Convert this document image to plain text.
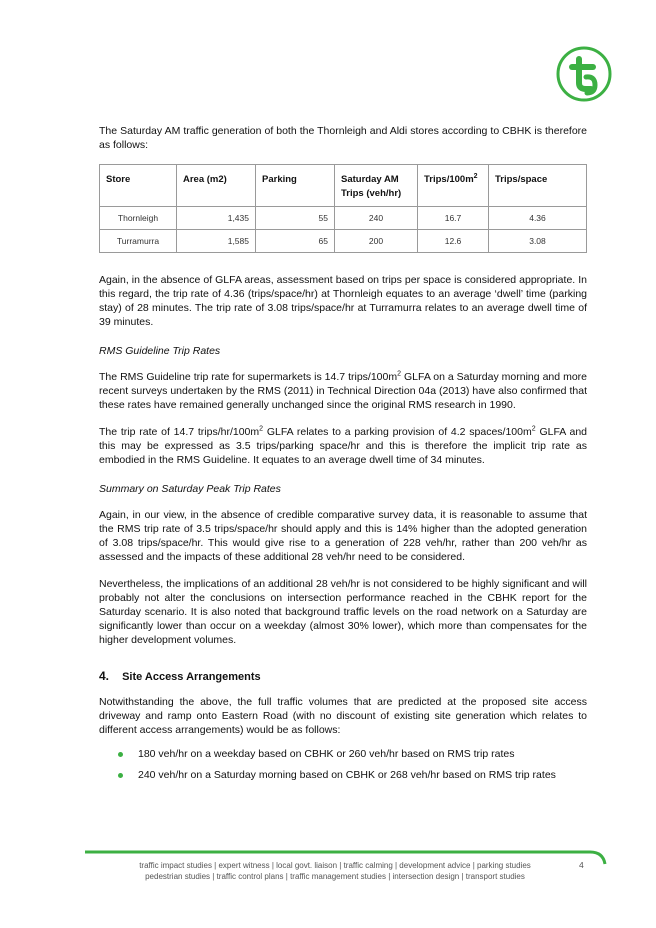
The Saturday AM traffic generation of both the Thornleigh and Aldi stores according to CBHK is therefore as follows:

Store	Area (m2)	Parking	Saturday AM Trips (veh/hr)	Trips/$100m^2$	Trips/space
Thornleigh	1,435	55	240	16.7	4.36
Turramurra	1,585	65	200	12.6	3.08

Again, in the absence of GLFA areas, assessment based on trips per space is considered appropriate. In this regard, the trip rate of 4.36 (trips/space/hr) at Thornleigh equates to an average ‘dwell’ time (parking stay) of 28 minutes. The trip rate of 3.08 trips/space/hr at Turramurra relates to an average dwell time of 39 minutes.

RMS Guideline Trip Rates

The RMS Guideline trip rate for supermarkets is 14.7 trips/$100m^2$ GLFA on a Saturday morning and more recent surveys undertaken by the RMS (2011) in Technical Direction 04a (2013) have also confirmed that these rates have remained generally unchanged since the original RMS research in 1990.

The trip rate of 14.7 trips/$hr/100m^2$ GLFA relates to a parking provision of 4.2 spaces/$100m^2$ GLFA and this may be expressed as 3.5 trips/parking space/hr and this is therefore the implicit trip rate as embodied in the RMS Guideline. It equates to an average dwell time of 34 minutes.

Summary on Saturday Peak Trip Rates

Again, in our view, in the absence of credible comparative survey data, it is reasonable to assume that the RMS trip rate of 3.5 trips/space/hr should apply and this is 14% higher than the adopted generation of 3.08 trips/space/hr. This would give rise to a generation of 228 veh/hr, rather than 200 veh/hr as assessed and the impacts of these additional 28 veh/hr need to be considered.

Nevertheless, the implications of an additional 28 veh/hr is not considered to be highly significant and will probably not alter the conclusions on intersection performance reached in the CBHK report for the Saturday scenario. It is also noted that background traffic levels on the road network on a Saturday are significantly lower than occur on a weekday (almost 30% lower), which more than compensates for the higher development volumes.

4. Site Access Arrangements

Notwithstanding the above, the full traffic volumes that are predicted at the proposed site access driveway and ramp onto Eastern Road (with no discount of existing site generation which relates to different access arrangements) would be as follows:

180 veh/hr on a weekday based on CBHK or 260 veh/hr based on RMS trip rates
240 veh/hr on a Saturday morning based on CBHK or 268 veh/hr based on RMS trip rates
traffic impact studies | expert witness | local govt. liaison | traffic calming | development advice | parking studies
pedestrian studies | traffic control plans | traffic management studies | intersection design | transport studies
4
